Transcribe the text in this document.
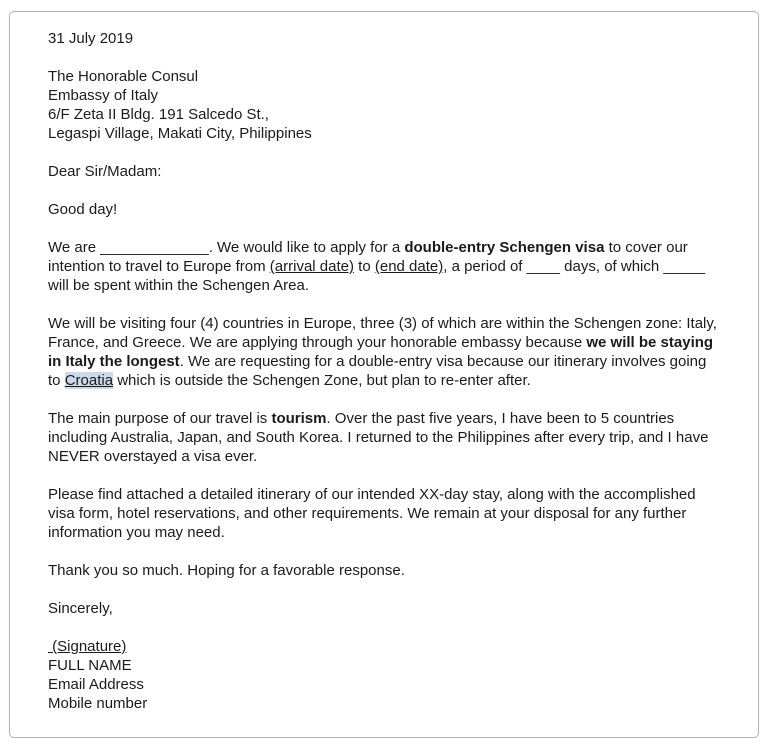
31 July 2019

The Honorable Consul
Embassy of Italy
6/F Zeta II Bldg. 191 Salcedo St.,
Legaspi Village, Makati City, Philippines

Dear Sir/Madam:

Good day!

We are _____________. We would like to apply for a double-entry Schengen visa to cover our intention to travel to Europe from (arrival date) to (end date), a period of ____ days, of which _____ will be spent within the Schengen Area.

We will be visiting four (4) countries in Europe, three (3) of which are within the Schengen zone: Italy, France, and Greece. We are applying through your honorable embassy because we will be staying in Italy the longest. We are requesting for a double-entry visa because our itinerary involves going to Croatia which is outside the Schengen Zone, but plan to re-enter after.

The main purpose of our travel is tourism. Over the past five years, I have been to 5 countries including Australia, Japan, and South Korea. I returned to the Philippines after every trip, and I have NEVER overstayed a visa ever.

Please find attached a detailed itinerary of our intended XX-day stay, along with the accomplished visa form, hotel reservations, and other requirements. We remain at your disposal for any further information you may need.

Thank you so much. Hoping for a favorable response.

Sincerely,

(Signature)
FULL NAME
Email Address
Mobile number
